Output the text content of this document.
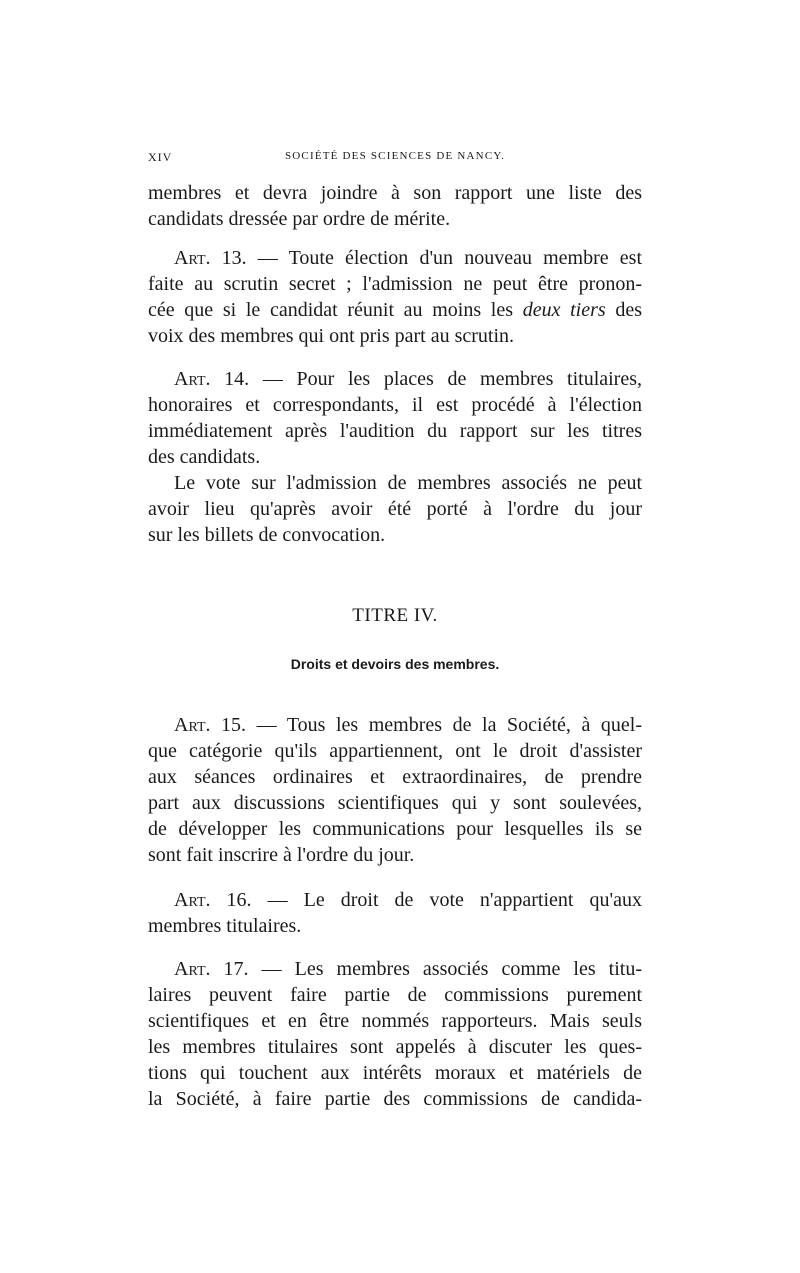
XIV	SOCIÉTÉ DES SCIENCES DE NANCY.
membres et devra joindre à son rapport une liste des
candidats dressée par ordre de mérite.
Art. 13. — Toute élection d'un nouveau membre est
faite au scrutin secret ; l'admission ne peut être pronon-
cée que si le candidat réunit au moins les deux tiers des
voix des membres qui ont pris part au scrutin.
Art. 14. — Pour les places de membres titulaires,
honoraires et correspondants, il est procédé à l'élection
immédiatement après l'audition du rapport sur les titres
des candidats.
Le vote sur l'admission de membres associés ne peut
avoir lieu qu'après avoir été porté à l'ordre du jour
sur les billets de convocation.
TITRE IV.
Droits et devoirs des membres.
Art. 15. — Tous les membres de la Société, à quel-
que catégorie qu'ils appartiennent, ont le droit d'assister
aux séances ordinaires et extraordinaires, de prendre
part aux discussions scientifiques qui y sont soulevées,
de développer les communications pour lesquelles ils se
sont fait inscrire à l'ordre du jour.
Art. 16. — Le droit de vote n'appartient qu'aux
membres titulaires.
Art. 17. — Les membres associés comme les titu-
laires peuvent faire partie de commissions purement
scientifiques et en être nommés rapporteurs. Mais seuls
les membres titulaires sont appelés à discuter les ques-
tions qui touchent aux intérêts moraux et matériels de
la Société, à faire partie des commissions de candida-
